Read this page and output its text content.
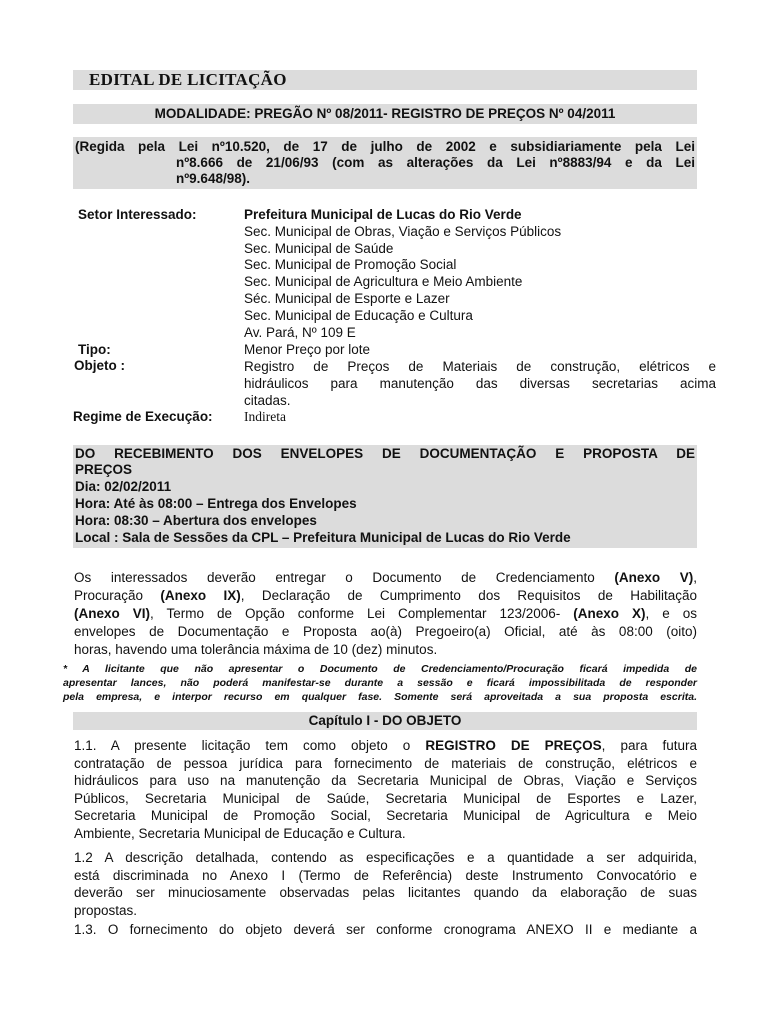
EDITAL DE LICITAÇÃO
MODALIDADE: PREGÃO Nº 08/2011- REGISTRO DE PREÇOS Nº 04/2011
(Regida pela Lei nº10.520, de 17 de julho de 2002 e subsidiariamente pela Lei
nº8.666 de 21/06/93 (com as alterações da Lei nº8883/94 e da Lei
nº9.648/98).
Setor Interessado:	Prefeitura Municipal de Lucas do Rio Verde
Sec. Municipal de Obras, Viação e Serviços Públicos
Sec. Municipal de Saúde
Sec. Municipal de Promoção Social
Sec. Municipal de Agricultura e Meio Ambiente
Séc. Municipal de Esporte e Lazer
Sec. Municipal de Educação e Cultura
Av. Pará, Nº 109 E
Tipo:	Menor Preço por lote
Objeto :	Registro de Preços de Materiais de construção, elétricos e
hidráulicos para manutenção das diversas secretarias acima
citadas.
Regime de Execução: Indireta
DO RECEBIMENTO DOS ENVELOPES DE DOCUMENTAÇÃO E PROPOSTA DE
PREÇOS
Dia: 02/02/2011
Hora: Até às 08:00 – Entrega dos Envelopes
Hora: 08:30 – Abertura dos envelopes
Local : Sala de Sessões da CPL – Prefeitura Municipal de Lucas do Rio Verde
Os interessados deverão entregar o Documento de Credenciamento (Anexo V),
Procuração (Anexo IX), Declaração de Cumprimento dos Requisitos de Habilitação
(Anexo VI), Termo de Opção conforme Lei Complementar 123/2006- (Anexo X), e os
envelopes de Documentação e Proposta ao(à) Pregoeiro(a) Oficial, até às 08:00 (oito)
horas, havendo uma tolerância máxima de 10 (dez) minutos.
* A licitante que não apresentar o Documento de Credenciamento/Procuração ficará impedida de
apresentar lances, não poderá manifestar-se durante a sessão e ficará impossibilitada de responder
pela empresa, e interpor recurso em qualquer fase. Somente será aproveitada a sua proposta escrita.
Capítulo I - DO OBJETO
1.1. A presente licitação tem como objeto o REGISTRO DE PREÇOS, para futura
contratação de pessoa jurídica para fornecimento de materiais de construção, elétricos e
hidráulicos para uso na manutenção da Secretaria Municipal de Obras, Viação e Serviços
Públicos, Secretaria Municipal de Saúde, Secretaria Municipal de Esportes e Lazer,
Secretaria Municipal de Promoção Social, Secretaria Municipal de Agricultura e Meio
Ambiente, Secretaria Municipal de Educação e Cultura.
1.2 A descrição detalhada, contendo as especificações e a quantidade a ser adquirida,
está discriminada no Anexo I (Termo de Referência) deste Instrumento Convocatório e
deverão ser minuciosamente observadas pelas licitantes quando da elaboração de suas
propostas.
1.3. O fornecimento do objeto deverá ser conforme cronograma ANEXO II e mediante a
